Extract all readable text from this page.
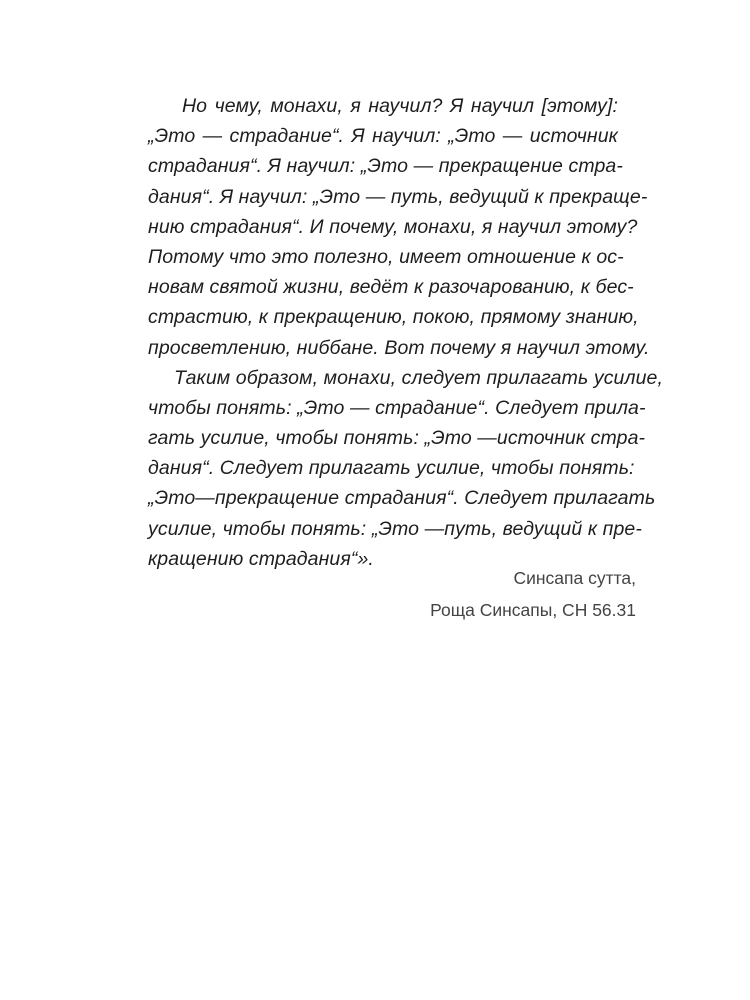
Но чему, монахи, я научил? Я научил [этому]:
„Это — страдание“. Я научил: „Это — источник
страдания“. Я научил: „Это — прекращение стра-
дания“. Я научил: „Это — путь, ведущий к прекраще-
нию страдания“. И почему, монахи, я научил этому?
Потому что это полезно, имеет отношение к ос-
новам святой жизни, ведёт к разочарованию, к бес-
страстию, к прекращению, покою, прямому знанию,
просветлению, ниббане. Вот почему я научил этому.
Таким образом, монахи, следует прилагать усилие,
чтобы понять: „Это — страдание“. Следует прила-
гать усилие, чтобы понять: „Это —источник стра-
дания“. Следует прилагать усилие, чтобы понять:
„Это—прекращение страдания“. Следует прилагать
усилие, чтобы понять: „Это —путь, ведущий к пре-
кращению страдания“».
Синсапа сутта,
Роща Синсапы, СН 56.31
